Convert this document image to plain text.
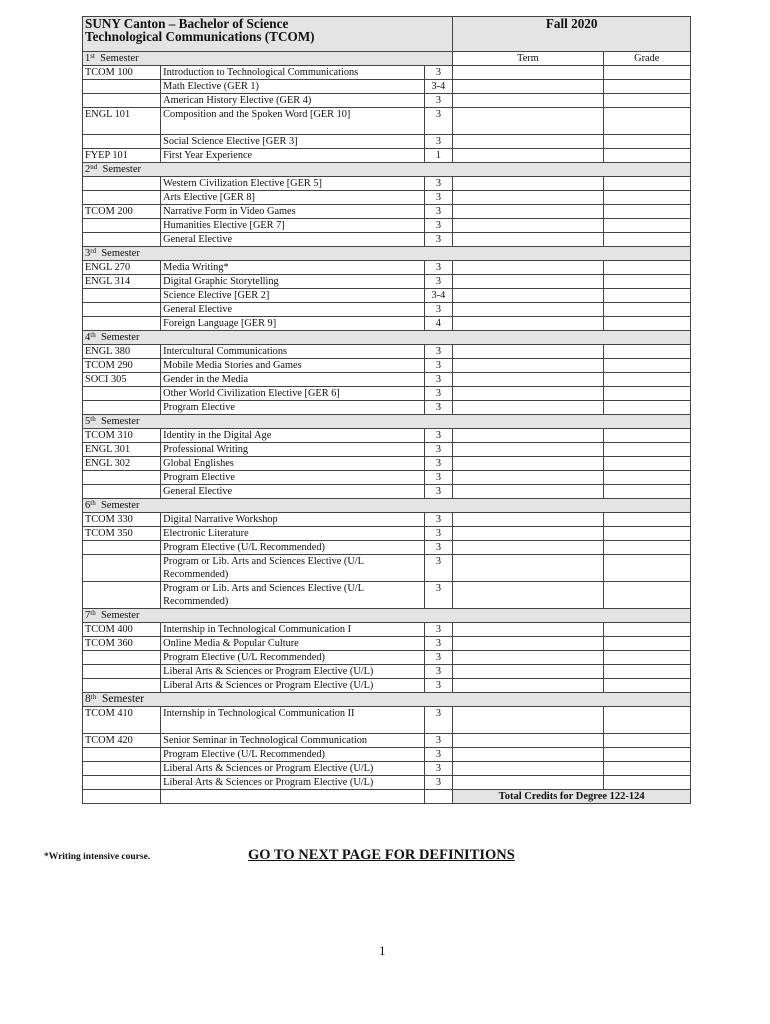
SUNY Canton – Bachelor of Science
Technological Communications (TCOM)			Fall 2020	
1st Semester			Term	Grade
TCOM 100	Introduction to Technological Communications	3		
	Math Elective (GER 1)	3-4		
	American History Elective (GER 4)	3		
ENGL 101	Composition and the Spoken Word [GER 10]	3		
	Social Science Elective [GER 3]	3		
FYEP 101	First Year Experience	1		
2nd Semester				
	Western Civilization Elective [GER 5]	3		
	Arts Elective [GER 8]	3		
TCOM 200	Narrative Form in Video Games	3		
	Humanities Elective [GER 7]	3		
	General Elective	3		
3rd Semester				
ENGL 270	Media Writing*	3		
ENGL 314	Digital Graphic Storytelling	3		
	Science Elective [GER 2]	3-4		
	General Elective	3		
	Foreign Language [GER 9]	4		
4th Semester				
ENGL 380	Intercultural Communications	3		
TCOM 290	Mobile Media Stories and Games	3		
SOCI 305	Gender in the Media	3		
	Other World Civilization Elective [GER 6]	3		
	Program Elective	3		
5th Semester				
TCOM 310	Identity in the Digital Age	3		
ENGL 301	Professional Writing	3		
ENGL 302	Global Englishes	3		
	Program Elective	3		
	General Elective	3		
6th Semester				
TCOM 330	Digital Narrative Workshop	3		
TCOM 350	Electronic Literature	3		
	Program Elective (U/L Recommended)	3		
	Program or Lib. Arts and Sciences Elective (U/L Recommended)	3		
	Program or Lib. Arts and Sciences Elective (U/L Recommended)	3		
7th Semester				
TCOM 400	Internship in Technological Communication I	3		
TCOM 360	Online Media & Popular Culture	3		
	Program Elective (U/L Recommended)	3		
	Liberal Arts & Sciences or Program Elective (U/L)	3		
	Liberal Arts & Sciences or Program Elective (U/L)	3		
8th Semester				
TCOM 410	Internship in Technological Communication II	3		
TCOM 420	Senior Seminar in Technological Communication	3		
	Program Elective (U/L Recommended)	3		
	Liberal Arts & Sciences or Program Elective (U/L)	3		
	Liberal Arts & Sciences or Program Elective (U/L)	3		
			Total Credits for Degree 122-124	
*Writing intensive course.	GO TO NEXT PAGE FOR DEFINITIONS
1
